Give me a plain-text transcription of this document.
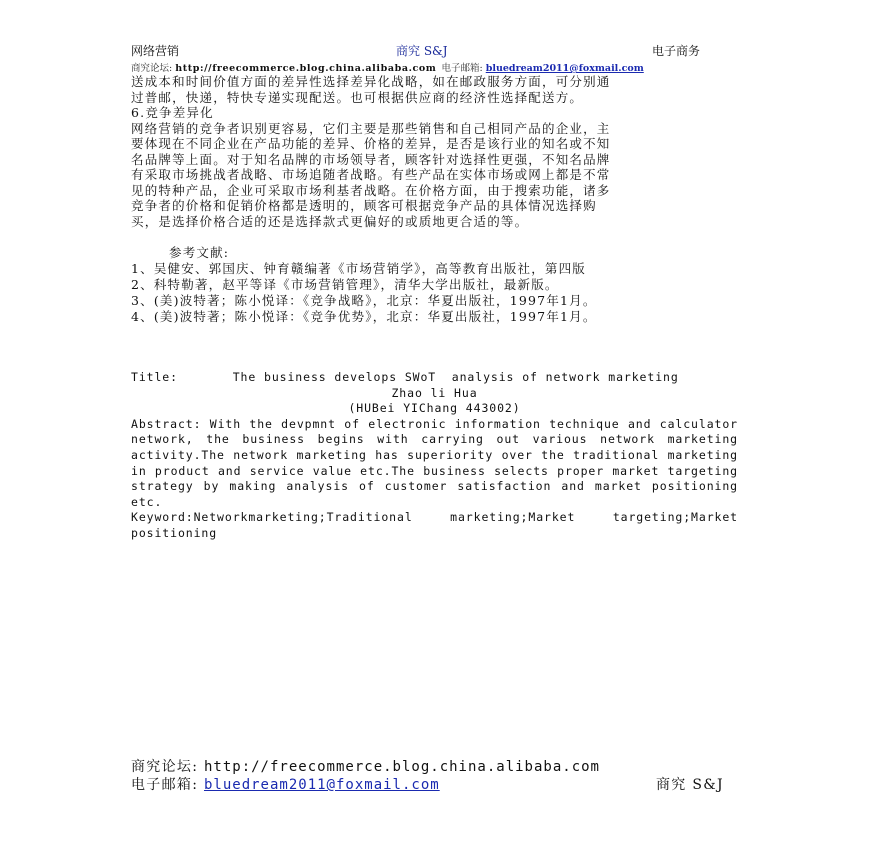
网络营销	商究 S&J	电子商务
商究论坛: http://freecommerce.blog.china.alibaba.com 电子邮箱: bluedream2011@foxmail.com

送成本和时间价值方面的差异性选择差异化战略，如在邮政服务方面，可分别通

过普邮，快递，特快专递实现配送。也可根据供应商的经济性选择配送方。

6.竞争差异化

网络营销的竞争者识别更容易，它们主要是那些销售和自己相同产品的企业，主

要体现在不同企业在产品功能的差异、价格的差异，是否是该行业的知名或不知

名品牌等上面。对于知名品牌的市场领导者，顾客针对选择性更强，不知名品牌

有采取市场挑战者战略、市场追随者战略。有些产品在实体市场或网上都是不常

见的特种产品，企业可采取市场利基者战略。在价格方面，由于搜索功能，诸多

竞争者的价格和促销价格都是透明的，顾客可根据竞争产品的具体情况选择购

买，是选择价格合适的还是选择款式更偏好的或质地更合适的等。

参考文献:

1、吴健安、郭国庆、钟育赣编著《市场营销学》，高等教育出版社，第四版

2、科特勒著，赵平等译《市场营销管理》，清华大学出版社，最新版。

3、(美)波特著；陈小悦译：《竞争战略》，北京：华夏出版社，1997年1月。

4、(美)波特著；陈小悦译：《竞争优势》，北京：华夏出版社，1997年1月。

Title:	The business develops SWoT  analysis of network marketing

Zhao li Hua

(HUBei YIChang 443002)

Abstract: With the devpmnt of electronic information technique and calculator network, the business begins with carrying out various network marketing activity.The network marketing has superiority over the traditional marketing in product and service value etc.The business selects proper market targeting strategy by making analysis of customer satisfaction and market positioning etc.

Keyword:Networkmarketing;Traditional marketing;Market targeting;Market positioning

商究论坛: http://freecommerce.blog.china.alibaba.com
电子邮箱: bluedream2011@foxmail.com	商究 S&J
